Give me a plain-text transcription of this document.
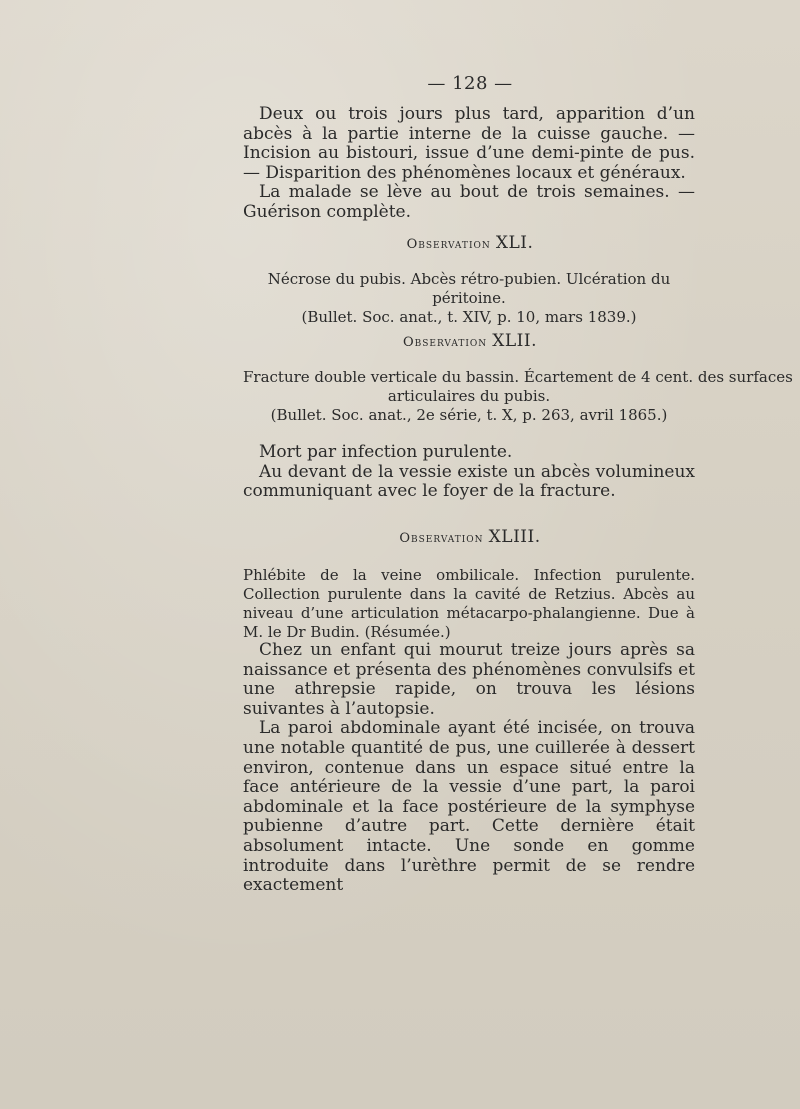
— 128 —

Deux ou trois jours plus tard, apparition d’un abcès à la partie interne de la cuisse gauche. — Incision au bistouri, issue d’une demi-pinte de pus. — Disparition des phénomènes locaux et généraux.

La malade se lève au bout de trois semaines. — Guérison complète.

Observation XLI.

Nécrose du pubis. Abcès rétro-pubien. Ulcération du péritoine.

(Bullet. Soc. anat., t. XIV, p. 10, mars 1839.)

Observation XLII.

Fracture double verticale du bassin. Écartement de 4 cent. des surfaces

articulaires du pubis.

(Bullet. Soc. anat., 2e série, t. X, p. 263, avril 1865.)

Mort par infection purulente.

Au devant de la vessie existe un abcès volumineux communiquant avec le foyer de la fracture.

Observation XLIII.

Phlébite de la veine ombilicale. Infection purulente. Collection purulente dans la cavité de Retzius. Abcès au niveau d’une articulation métacarpo-phalangienne. Due à M. le Dr Budin. (Résumée.)

Chez un enfant qui mourut treize jours après sa naissance et présenta des phénomènes convulsifs et une athrepsie rapide, on trouva les lésions suivantes à l’autopsie.

La paroi abdominale ayant été incisée, on trouva une notable quantité de pus, une cuillerée à dessert environ, contenue dans un espace situé entre la face antérieure de la vessie d’une part, la paroi abdominale et la face postérieure de la symphyse pubienne d’autre part. Cette dernière était absolument intacte. Une sonde en gomme introduite dans l’urèthre permit de se rendre exactement
